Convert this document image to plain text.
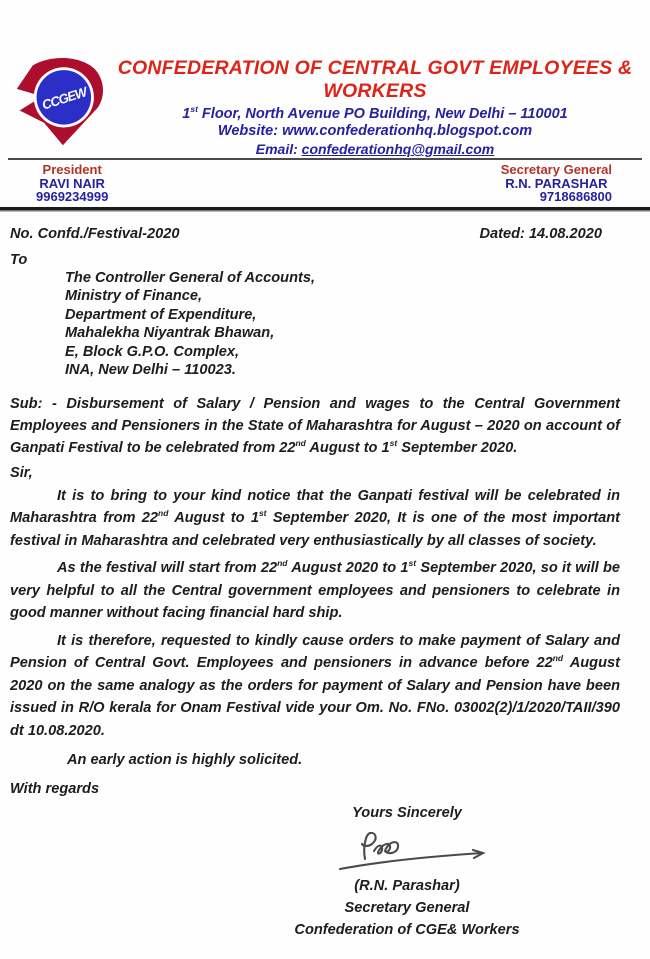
CCGEW
CONFEDERATION OF CENTRAL GOVT EMPLOYEES & WORKERS
1st Floor, North Avenue PO Building, New Delhi – 110001
Website: www.confederationhq.blogspot.com
Email: confederationhq@gmail.com
President
RAVI NAIR
9969234999
Secretary General
R.N. PARASHAR
9718686800
No. Confd./Festival-2020	Dated: 14.08.2020
To
The Controller General of Accounts,
Ministry of Finance,
Department of Expenditure,
Mahalekha Niyantrak Bhawan,
E, Block G.P.O. Complex,
INA, New Delhi – 110023.

Sub: - Disbursement of Salary / Pension and wages to the Central Government Employees and Pensioners in the State of Maharashtra for August – 2020 on account of Ganpati Festival to be celebrated from 22nd August to 1st September 2020.

Sir,

It is to bring to your kind notice that the Ganpati festival will be celebrated in Maharashtra from 22nd August to 1st September 2020, It is one of the most important festival in Maharashtra and celebrated very enthusiastically by all classes of society.

As the festival will start from 22nd August 2020 to 1st September 2020, so it will be very helpful to all the Central government employees and pensioners to celebrate in good manner without facing financial hard ship.

It is therefore, requested to kindly cause orders to make payment of Salary and Pension of Central Govt. Employees and pensioners in advance before 22nd August 2020 on the same analogy as the orders for payment of Salary and Pension have been issued in R/O kerala for Onam Festival vide your Om. No. FNo. 03002(2)/1/2020/TAII/390 dt 10.08.2020.

An early action is highly solicited.
With regards
Yours Sincerely
(R.N. Parashar)
Secretary General
Confederation of CGE& Workers
